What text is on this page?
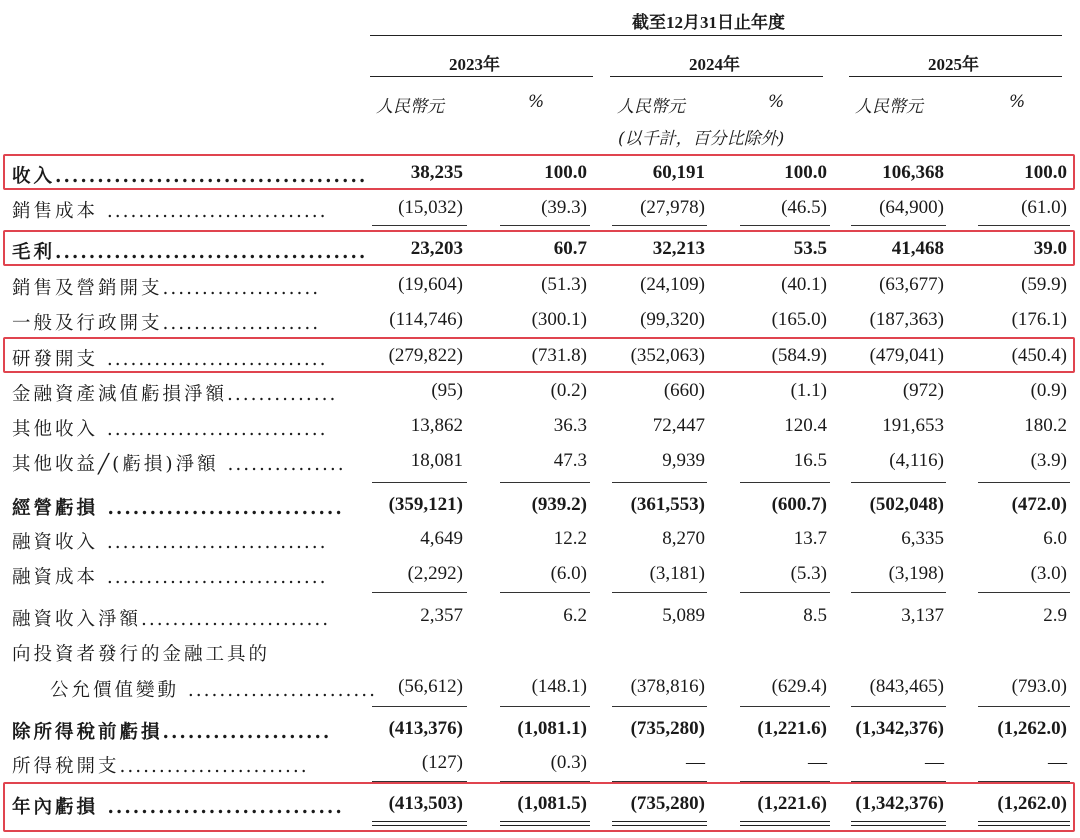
截至12月31日止年度
2023年	2024年	2025年
人民幣元	%	人民幣元	%	人民幣元	%
(以千計，百分比除外)
收入..................................... 38,235	100.0	60,191	100.0	106,368	100.0
銷售成本 ............................	(15,032)	(39.3)	(27,978)	(46.5)	(64,900)	(61.0)
毛利..................................... 23,203	60.7	32,213	53.5	41,468	39.0
銷售及營銷開支....................	(19,604)	(51.3)	(24,109)	(40.1)	(63,677)	(59.9)
一般及行政開支....................	(114,746)	(300.1)	(99,320)	(165.0) (187,363)	(176.1)
研發開支 ............................	(279,822)	(731.8) (352,063)	(584.9) (479,041)	(450.4)
金融資產減值虧損淨額..............	(95)	(0.2)	(660)	(1.1)	(972)	(0.9)
其他收入 ............................	13,862	36.3	72,447	120.4	191,653	180.2
其他收益╱(虧損)淨額 ...............	18,081	47.3	9,939	16.5	(4,116)	(3.9)
經營虧損 ............................ (359,121)	(939.2) (361,553)	(600.7) (502,048)	(472.0)
融資收入 ............................	4,649	12.2	8,270	13.7	6,335	6.0
融資成本 ............................	(2,292)	(6.0)	(3,181)	(5.3)	(3,198)	(3.0)
融資收入淨額........................	2,357	6.2	5,089	8.5	3,137	2.9
向投資者發行的金融工具的
公允價值變動 ........................ (56,612)	(148.1) (378,816)	(629.4) (843,465)	(793.0)
除所得稅前虧損....................	(413,376)	(1,081.1) (735,280)	(1,221.6) (1,342,376)	(1,262.0)
所得稅開支........................	(127)	(0.3)	—	—	—	—
年內虧損 ............................ (413,503)	(1,081.5) (735,280)	(1,221.6) (1,342,376)	(1,262.0)
